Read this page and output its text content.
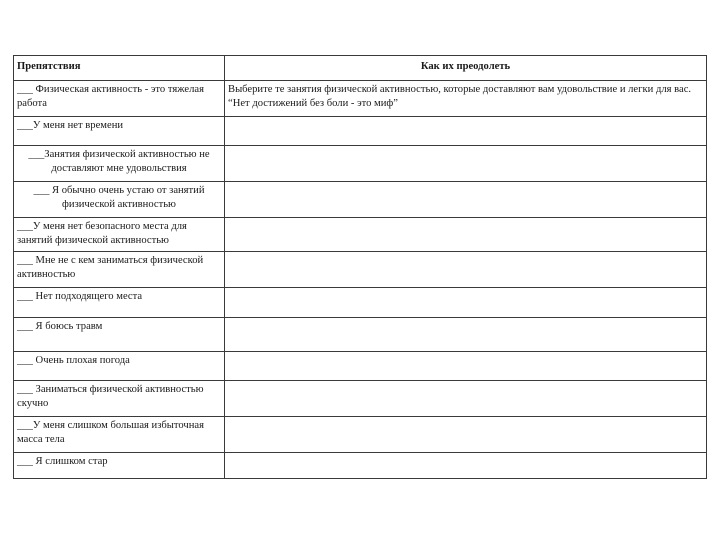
Препятствия	Как их преодолеть
___ Физическая активность - это тяжелая работа	Выберите те занятия физической активностью, которые доставляют вам удовольствие и легки для вас. “Нет достижений без боли - это миф”
___У меня нет времени	
___Занятия физической активностью не доставляют мне удовольствия	
___ Я обычно очень устаю от занятий физической активностью	
___У меня нет безопасного места для занятий физической активностью	
___ Мне не с кем заниматься физической активностью	
___ Нет подходящего места	
___ Я боюсь травм	
___ Очень плохая погода	
___ Заниматься физической активностью скучно	
___У меня слишком большая избыточная масса тела	
___ Я слишком стар	
